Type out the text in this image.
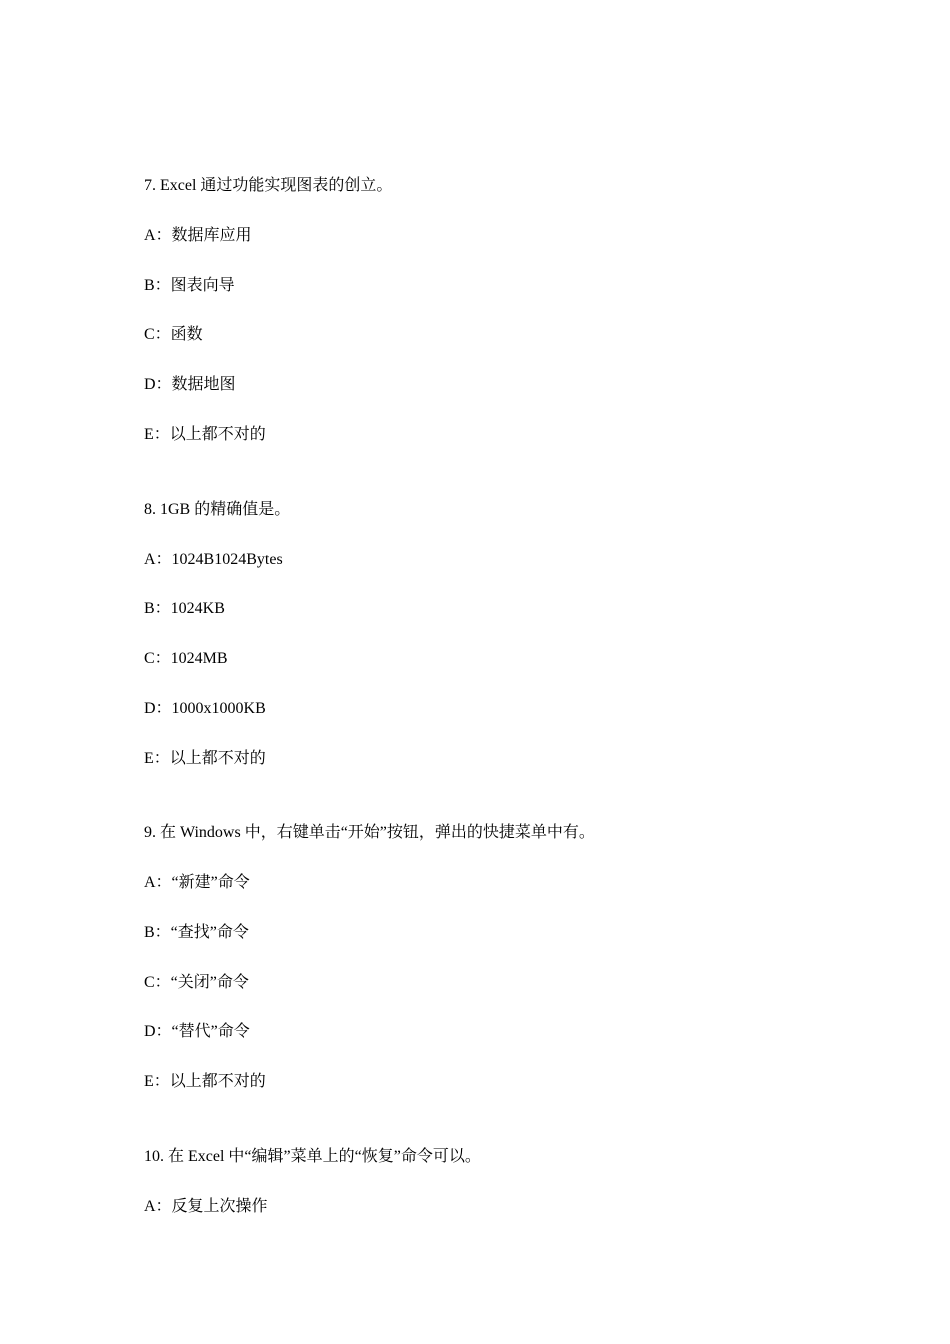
7. Excel 通过功能实现图表的创立。

A：数据库应用

B：图表向导

C：函数

D：数据地图

E：以上都不对的

8. 1GB 的精确值是。

A：1024B1024Bytes

B：1024KB

C：1024MB

D：1000x1000KB

E：以上都不对的

9. 在 Windows 中，右键单击“开始”按钮，弹出的快捷菜单中有。

A：“新建”命令

B：“查找”命令

C：“关闭”命令

D：“替代”命令

E：以上都不对的

10. 在 Excel 中“编辑”菜单上的“恢复”命令可以。

A：反复上次操作
